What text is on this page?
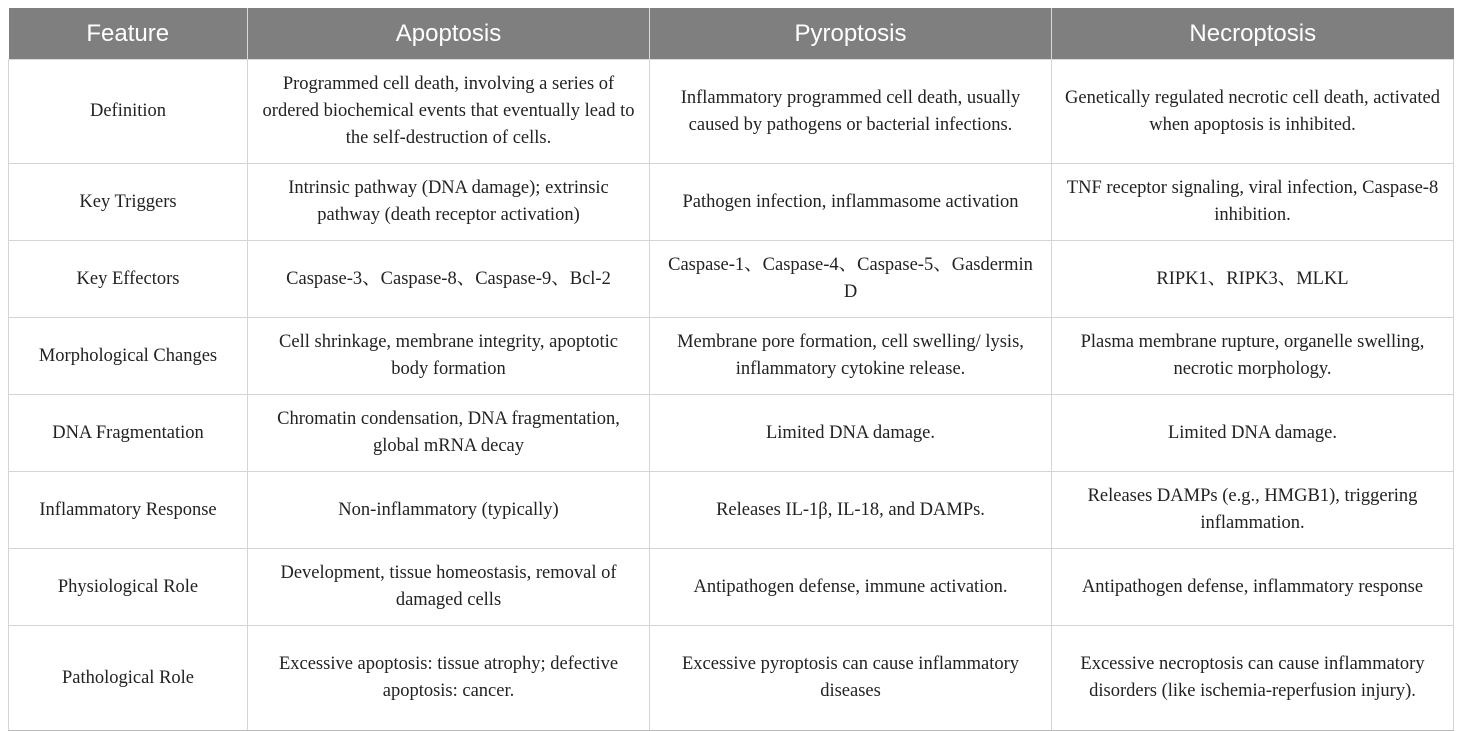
Feature	Apoptosis	Pyroptosis	Necroptosis
Definition	Programmed cell death, involving a series of ordered biochemical events that eventually lead to the self-destruction of cells.	Inflammatory programmed cell death, usually caused by pathogens or bacterial infections.	Genetically regulated necrotic cell death, activated when apoptosis is inhibited.
Key Triggers	Intrinsic pathway (DNA damage); extrinsic pathway (death receptor activation)	Pathogen infection, inflammasome activation	TNF receptor signaling, viral infection, Caspase-8 inhibition.
Key Effectors	Caspase-3、Caspase-8、Caspase-9、Bcl-2	Caspase-1、Caspase-4、Caspase-5、Gasdermin D	RIPK1、RIPK3、MLKL
Morphological Changes	Cell shrinkage, membrane integrity, apoptotic body formation	Membrane pore formation, cell swelling/ lysis, inflammatory cytokine release.	Plasma membrane rupture, organelle swelling, necrotic morphology.
DNA Fragmentation	Chromatin condensation, DNA fragmentation, global mRNA decay	Limited DNA damage.	Limited DNA damage.
Inflammatory Response	Non-inflammatory (typically)	Releases IL-1β, IL-18, and DAMPs.	Releases DAMPs (e.g., HMGB1), triggering inflammation.
Physiological Role	Development, tissue homeostasis, removal of damaged cells	Antipathogen defense, immune activation.	Antipathogen defense, inflammatory response
Pathological Role	Excessive apoptosis: tissue atrophy; defective apoptosis: cancer.	Excessive pyroptosis can cause inflammatory diseases	Excessive necroptosis can cause inflammatory disorders (like ischemia-reperfusion injury).
